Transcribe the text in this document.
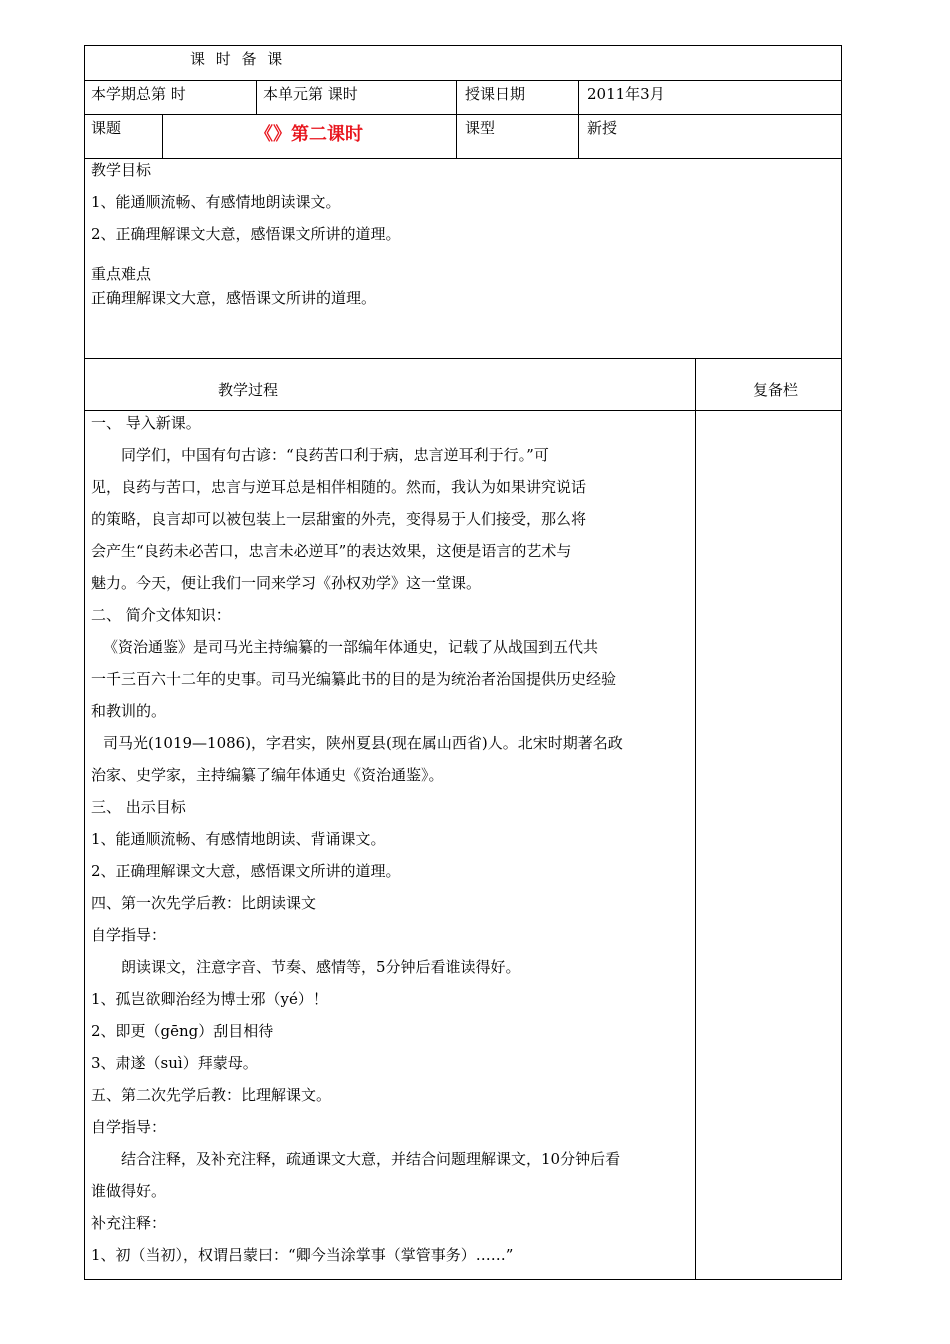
课 时 备 课
本学期总第 时	本单元第 课时	授课日期	2011年3月
课题	《》第二课时	课型	新授
教学目标
1、能通顺流畅、有感情地朗读课文。
2、正确理解课文大意，感悟课文所讲的道理。
重点难点
正确理解课文大意，感悟课文所讲的道理。
教学过程	复备栏

一、 导入新课。

同学们，中国有句古谚：“良药苦口利于病，忠言逆耳利于行。”可

见，良药与苦口，忠言与逆耳总是相伴相随的。然而，我认为如果讲究说话

的策略，良言却可以被包装上一层甜蜜的外壳，变得易于人们接受，那么将

会产生“良药未必苦口，忠言未必逆耳”的表达效果，这便是语言的艺术与

魅力。今天，便让我们一同来学习《孙权劝学》这一堂课。

二、 简介文体知识：

《资治通鉴》是司马光主持编纂的一部编年体通史，记载了从战国到五代共

一千三百六十二年的史事。司马光编纂此书的目的是为统治者治国提供历史经验

和教训的。

司马光(1019—1086)，字君实，陕州夏县(现在属山西省)人。北宋时期著名政

治家、史学家，主持编纂了编年体通史《资治通鉴》。

三、 出示目标

1、能通顺流畅、有感情地朗读、背诵课文。

2、正确理解课文大意，感悟课文所讲的道理。

四、第一次先学后教：比朗读课文

自学指导：

朗读课文，注意字音、节奏、感情等，5分钟后看谁读得好。

1、孤岂欲卿治经为博士邪（yé）！

2、即更（gēng）刮目相待

3、肃遂（suì）拜蒙母。

五、第二次先学后教：比理解课文。

自学指导：

结合注释，及补充注释，疏通课文大意，并结合问题理解课文，10分钟后看

谁做得好。

补充注释：

1、初（当初），权谓吕蒙曰：“卿今当涂掌事（掌管事务）……”
